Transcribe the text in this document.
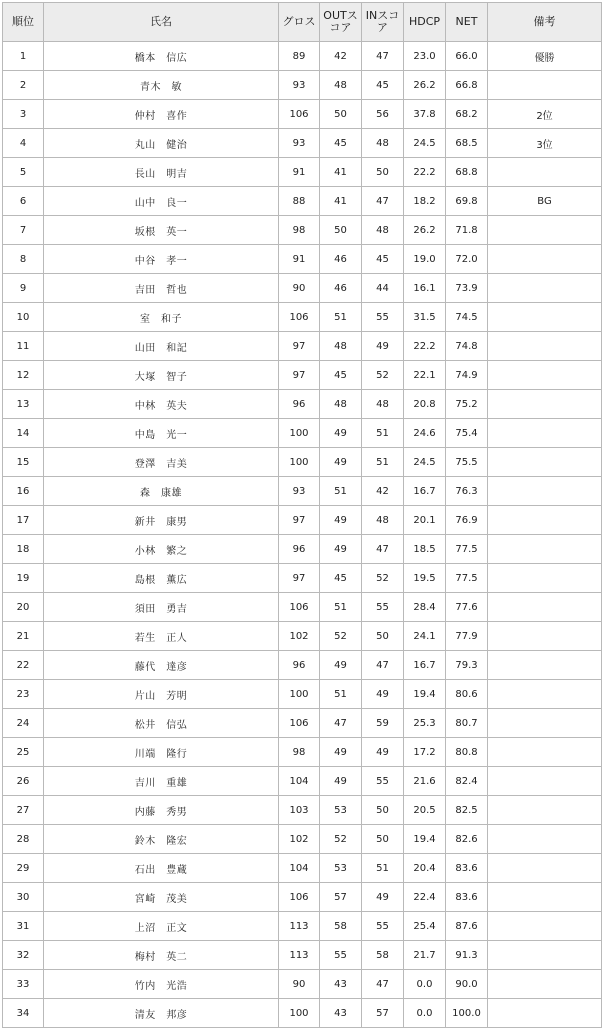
順位	氏名	グロス	OUTスコア	INスコア	HDCP	NET	備考
1	橋本　信広	89	42	47	23.0	66.0	優勝
2	青木　敏	93	48	45	26.2	66.8	
3	仲村　喜作	106	50	56	37.8	68.2	2位
4	丸山　健治	93	45	48	24.5	68.5	3位
5	長山　明吉	91	41	50	22.2	68.8	
6	山中　良一	88	41	47	18.2	69.8	BG
7	坂根　英一	98	50	48	26.2	71.8	
8	中谷　孝一	91	46	45	19.0	72.0	
9	吉田　哲也	90	46	44	16.1	73.9	
10	室　和子	106	51	55	31.5	74.5	
11	山田　和記	97	48	49	22.2	74.8	
12	大塚　智子	97	45	52	22.1	74.9	
13	中林　英夫	96	48	48	20.8	75.2	
14	中島　光一	100	49	51	24.6	75.4	
15	登澤　吉美	100	49	51	24.5	75.5	
16	森　康雄	93	51	42	16.7	76.3	
17	新井　康男	97	49	48	20.1	76.9	
18	小林　繁之	96	49	47	18.5	77.5	
19	島根　薫広	97	45	52	19.5	77.5	
20	須田　勇吉	106	51	55	28.4	77.6	
21	若生　正人	102	52	50	24.1	77.9	
22	藤代　達彦	96	49	47	16.7	79.3	
23	片山　芳明	100	51	49	19.4	80.6	
24	松井　信弘	106	47	59	25.3	80.7	
25	川端　隆行	98	49	49	17.2	80.8	
26	吉川　重雄	104	49	55	21.6	82.4	
27	内藤　秀男	103	53	50	20.5	82.5	
28	鈴木　隆宏	102	52	50	19.4	82.6	
29	石出　豊蔵	104	53	51	20.4	83.6	
30	宮崎　茂美	106	57	49	22.4	83.6	
31	上沼　正文	113	58	55	25.4	87.6	
32	梅村　英二	113	55	58	21.7	91.3	
33	竹内　光浩	90	43	47	0.0	90.0	
34	清友　邦彦	100	43	57	0.0	100.0	
